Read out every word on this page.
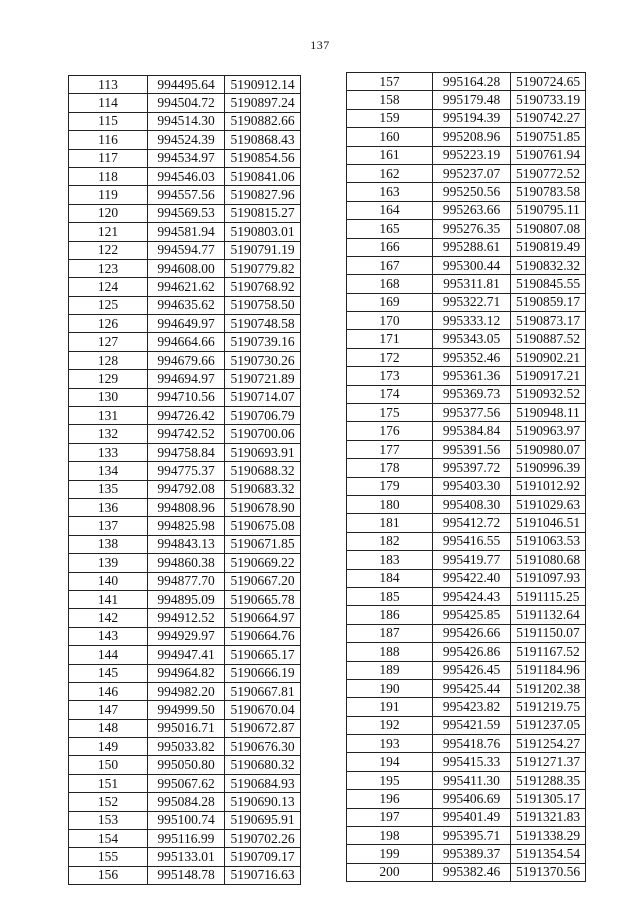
137
113	994495.64	5190912.14
114	994504.72	5190897.24
115	994514.30	5190882.66
116	994524.39	5190868.43
117	994534.97	5190854.56
118	994546.03	5190841.06
119	994557.56	5190827.96
120	994569.53	5190815.27
121	994581.94	5190803.01
122	994594.77	5190791.19
123	994608.00	5190779.82
124	994621.62	5190768.92
125	994635.62	5190758.50
126	994649.97	5190748.58
127	994664.66	5190739.16
128	994679.66	5190730.26
129	994694.97	5190721.89
130	994710.56	5190714.07
131	994726.42	5190706.79
132	994742.52	5190700.06
133	994758.84	5190693.91
134	994775.37	5190688.32
135	994792.08	5190683.32
136	994808.96	5190678.90
137	994825.98	5190675.08
138	994843.13	5190671.85
139	994860.38	5190669.22
140	994877.70	5190667.20
141	994895.09	5190665.78
142	994912.52	5190664.97
143	994929.97	5190664.76
144	994947.41	5190665.17
145	994964.82	5190666.19
146	994982.20	5190667.81
147	994999.50	5190670.04
148	995016.71	5190672.87
149	995033.82	5190676.30
150	995050.80	5190680.32
151	995067.62	5190684.93
152	995084.28	5190690.13
153	995100.74	5190695.91
154	995116.99	5190702.26
155	995133.01	5190709.17
156	995148.78	5190716.63
157	995164.28	5190724.65
158	995179.48	5190733.19
159	995194.39	5190742.27
160	995208.96	5190751.85
161	995223.19	5190761.94
162	995237.07	5190772.52
163	995250.56	5190783.58
164	995263.66	5190795.11
165	995276.35	5190807.08
166	995288.61	5190819.49
167	995300.44	5190832.32
168	995311.81	5190845.55
169	995322.71	5190859.17
170	995333.12	5190873.17
171	995343.05	5190887.52
172	995352.46	5190902.21
173	995361.36	5190917.21
174	995369.73	5190932.52
175	995377.56	5190948.11
176	995384.84	5190963.97
177	995391.56	5190980.07
178	995397.72	5190996.39
179	995403.30	5191012.92
180	995408.30	5191029.63
181	995412.72	5191046.51
182	995416.55	5191063.53
183	995419.77	5191080.68
184	995422.40	5191097.93
185	995424.43	5191115.25
186	995425.85	5191132.64
187	995426.66	5191150.07
188	995426.86	5191167.52
189	995426.45	5191184.96
190	995425.44	5191202.38
191	995423.82	5191219.75
192	995421.59	5191237.05
193	995418.76	5191254.27
194	995415.33	5191271.37
195	995411.30	5191288.35
196	995406.69	5191305.17
197	995401.49	5191321.83
198	995395.71	5191338.29
199	995389.37	5191354.54
200	995382.46	5191370.56
